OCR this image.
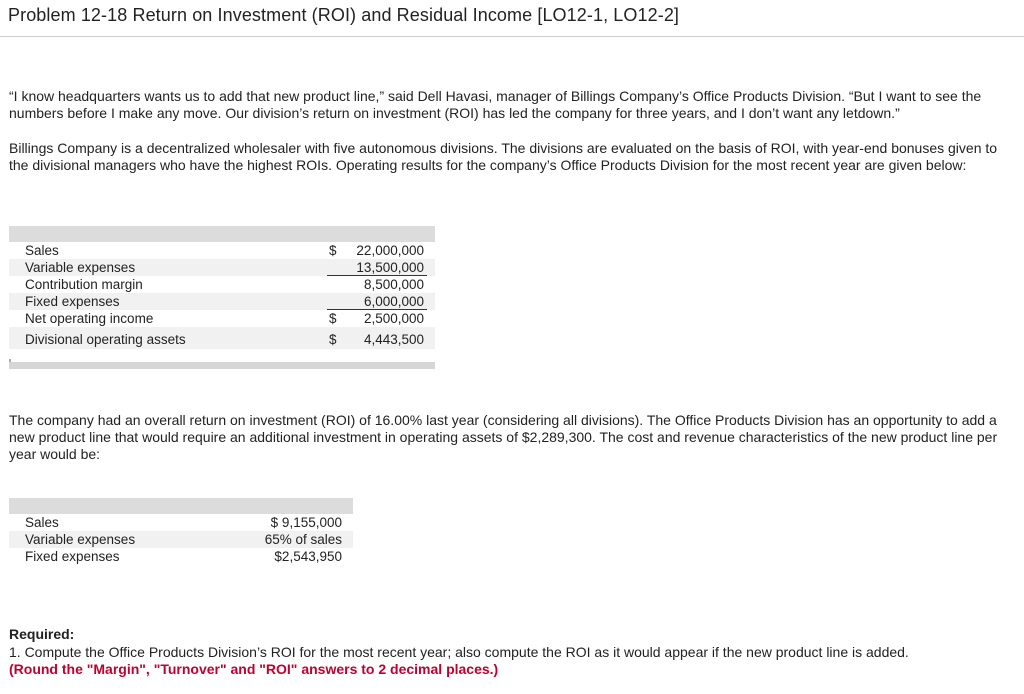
Problem 12-18 Return on Investment (ROI) and Residual Income [LO12-1, LO12-2]
“I know headquarters wants us to add that new product line,” said Dell Havasi, manager of Billings Company’s Office Products Division. “But I want to see the numbers before I make any move. Our division’s return on investment (ROI) has led the company for three years, and I don’t want any letdown.”
Billings Company is a decentralized wholesaler with five autonomous divisions. The divisions are evaluated on the basis of ROI, with year-end bonuses given to the divisional managers who have the highest ROIs. Operating results for the company’s Office Products Division for the most recent year are given below:
Sales	$ 22,000,000
Variable expenses	13,500,000
Contribution margin	8,500,000
Fixed expenses	6,000,000
Net operating income	$ 2,500,000
Divisional operating assets	$ 4,443,500
The company had an overall return on investment (ROI) of 16.00% last year (considering all divisions). The Office Products Division has an opportunity to add a new product line that would require an additional investment in operating assets of $2,289,300. The cost and revenue characteristics of the new product line per year would be:
Sales	$ 9,155,000
Variable expenses	65% of sales
Fixed expenses	$2,543,950
Required:
1. Compute the Office Products Division’s ROI for the most recent year; also compute the ROI as it would appear if the new product line is added.
(Round the "Margin", "Turnover" and "ROI" answers to 2 decimal places.)
